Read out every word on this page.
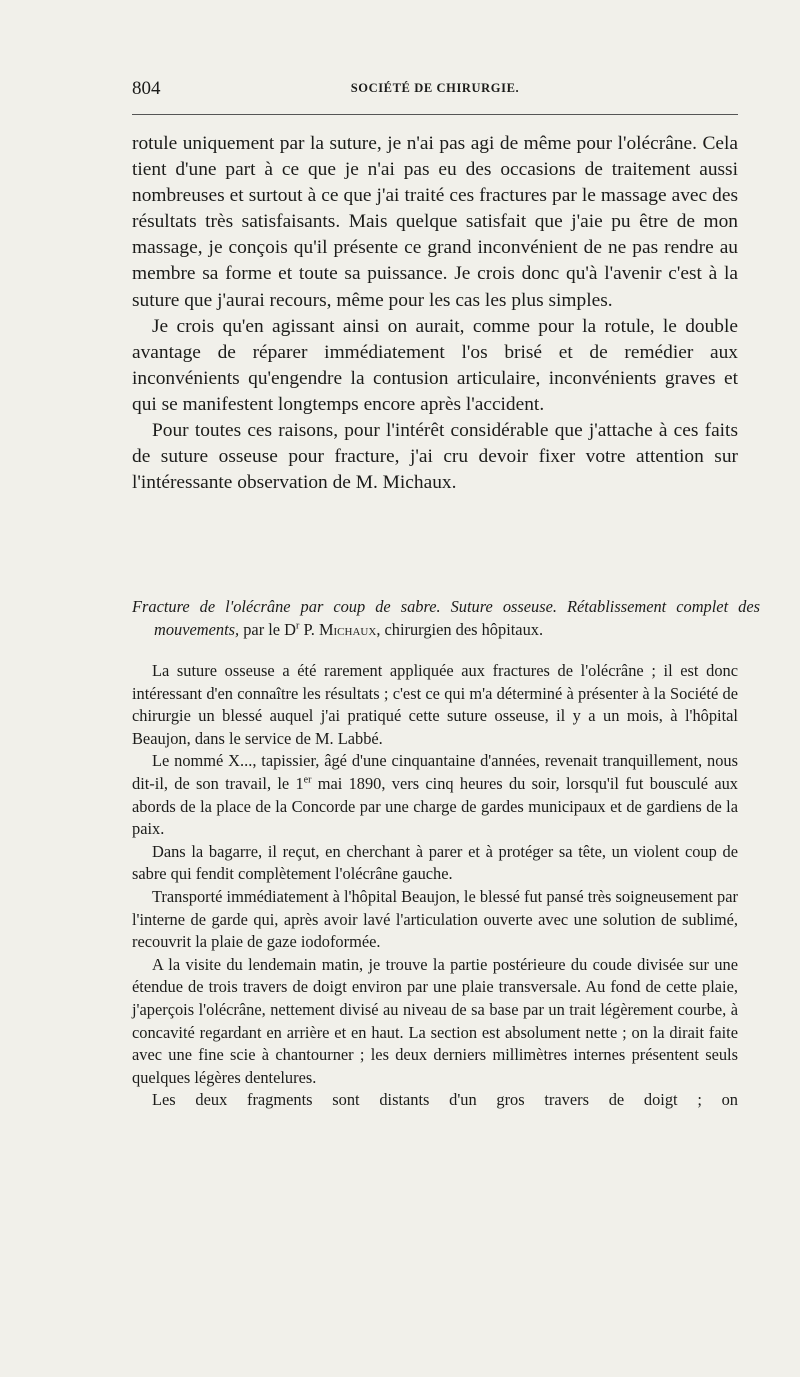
804	SOCIÉTÉ DE CHIRURGIE.

rotule uniquement par la suture, je n'ai pas agi de même pour l'olécrâne. Cela tient d'une part à ce que je n'ai pas eu des occasions de traitement aussi nombreuses et surtout à ce que j'ai traité ces fractures par le massage avec des résultats très satisfaisants. Mais quelque satisfait que j'aie pu être de mon massage, je conçois qu'il présente ce grand inconvénient de ne pas rendre au membre sa forme et toute sa puissance. Je crois donc qu'à l'avenir c'est à la suture que j'aurai recours, même pour les cas les plus simples.

Je crois qu'en agissant ainsi on aurait, comme pour la rotule, le double avantage de réparer immédiatement l'os brisé et de remédier aux inconvénients qu'engendre la contusion articulaire, inconvénients graves et qui se manifestent longtemps encore après l'accident.

Pour toutes ces raisons, pour l'intérêt considérable que j'attache à ces faits de suture osseuse pour fracture, j'ai cru devoir fixer votre attention sur l'intéressante observation de M. Michaux.

Fracture de l'olécrâne par coup de sabre. Suture osseuse. Rétablissement complet des mouvements, par le $D^r$ P. Michaux, chirurgien des hôpitaux.

La suture osseuse a été rarement appliquée aux fractures de l'olécrâne ; il est donc intéressant d'en connaître les résultats ; c'est ce qui m'a déterminé à présenter à la Société de chirurgie un blessé auquel j'ai pratiqué cette suture osseuse, il y a un mois, à l'hôpital Beaujon, dans le service de M. Labbé.

Le nommé X..., tapissier, âgé d'une cinquantaine d'années, revenait tranquillement, nous dit-il, de son travail, le 1er mai 1890, vers cinq heures du soir, lorsqu'il fut bousculé aux abords de la place de la Concorde par une charge de gardes municipaux et de gardiens de la paix.

Dans la bagarre, il reçut, en cherchant à parer et à protéger sa tête, un violent coup de sabre qui fendit complètement l'olécrâne gauche.

Transporté immédiatement à l'hôpital Beaujon, le blessé fut pansé très soigneusement par l'interne de garde qui, après avoir lavé l'articulation ouverte avec une solution de sublimé, recouvrit la plaie de gaze iodoformée.

A la visite du lendemain matin, je trouve la partie postérieure du coude divisée sur une étendue de trois travers de doigt environ par une plaie transversale. Au fond de cette plaie, j'aperçois l'olécrâne, nettement divisé au niveau de sa base par un trait légèrement courbe, à concavité regardant en arrière et en haut. La section est absolument nette ; on la dirait faite avec une fine scie à chantourner ; les deux derniers millimètres internes présentent seuls quelques légères dentelures.

Les deux fragments sont distants d'un gros travers de doigt ; on
